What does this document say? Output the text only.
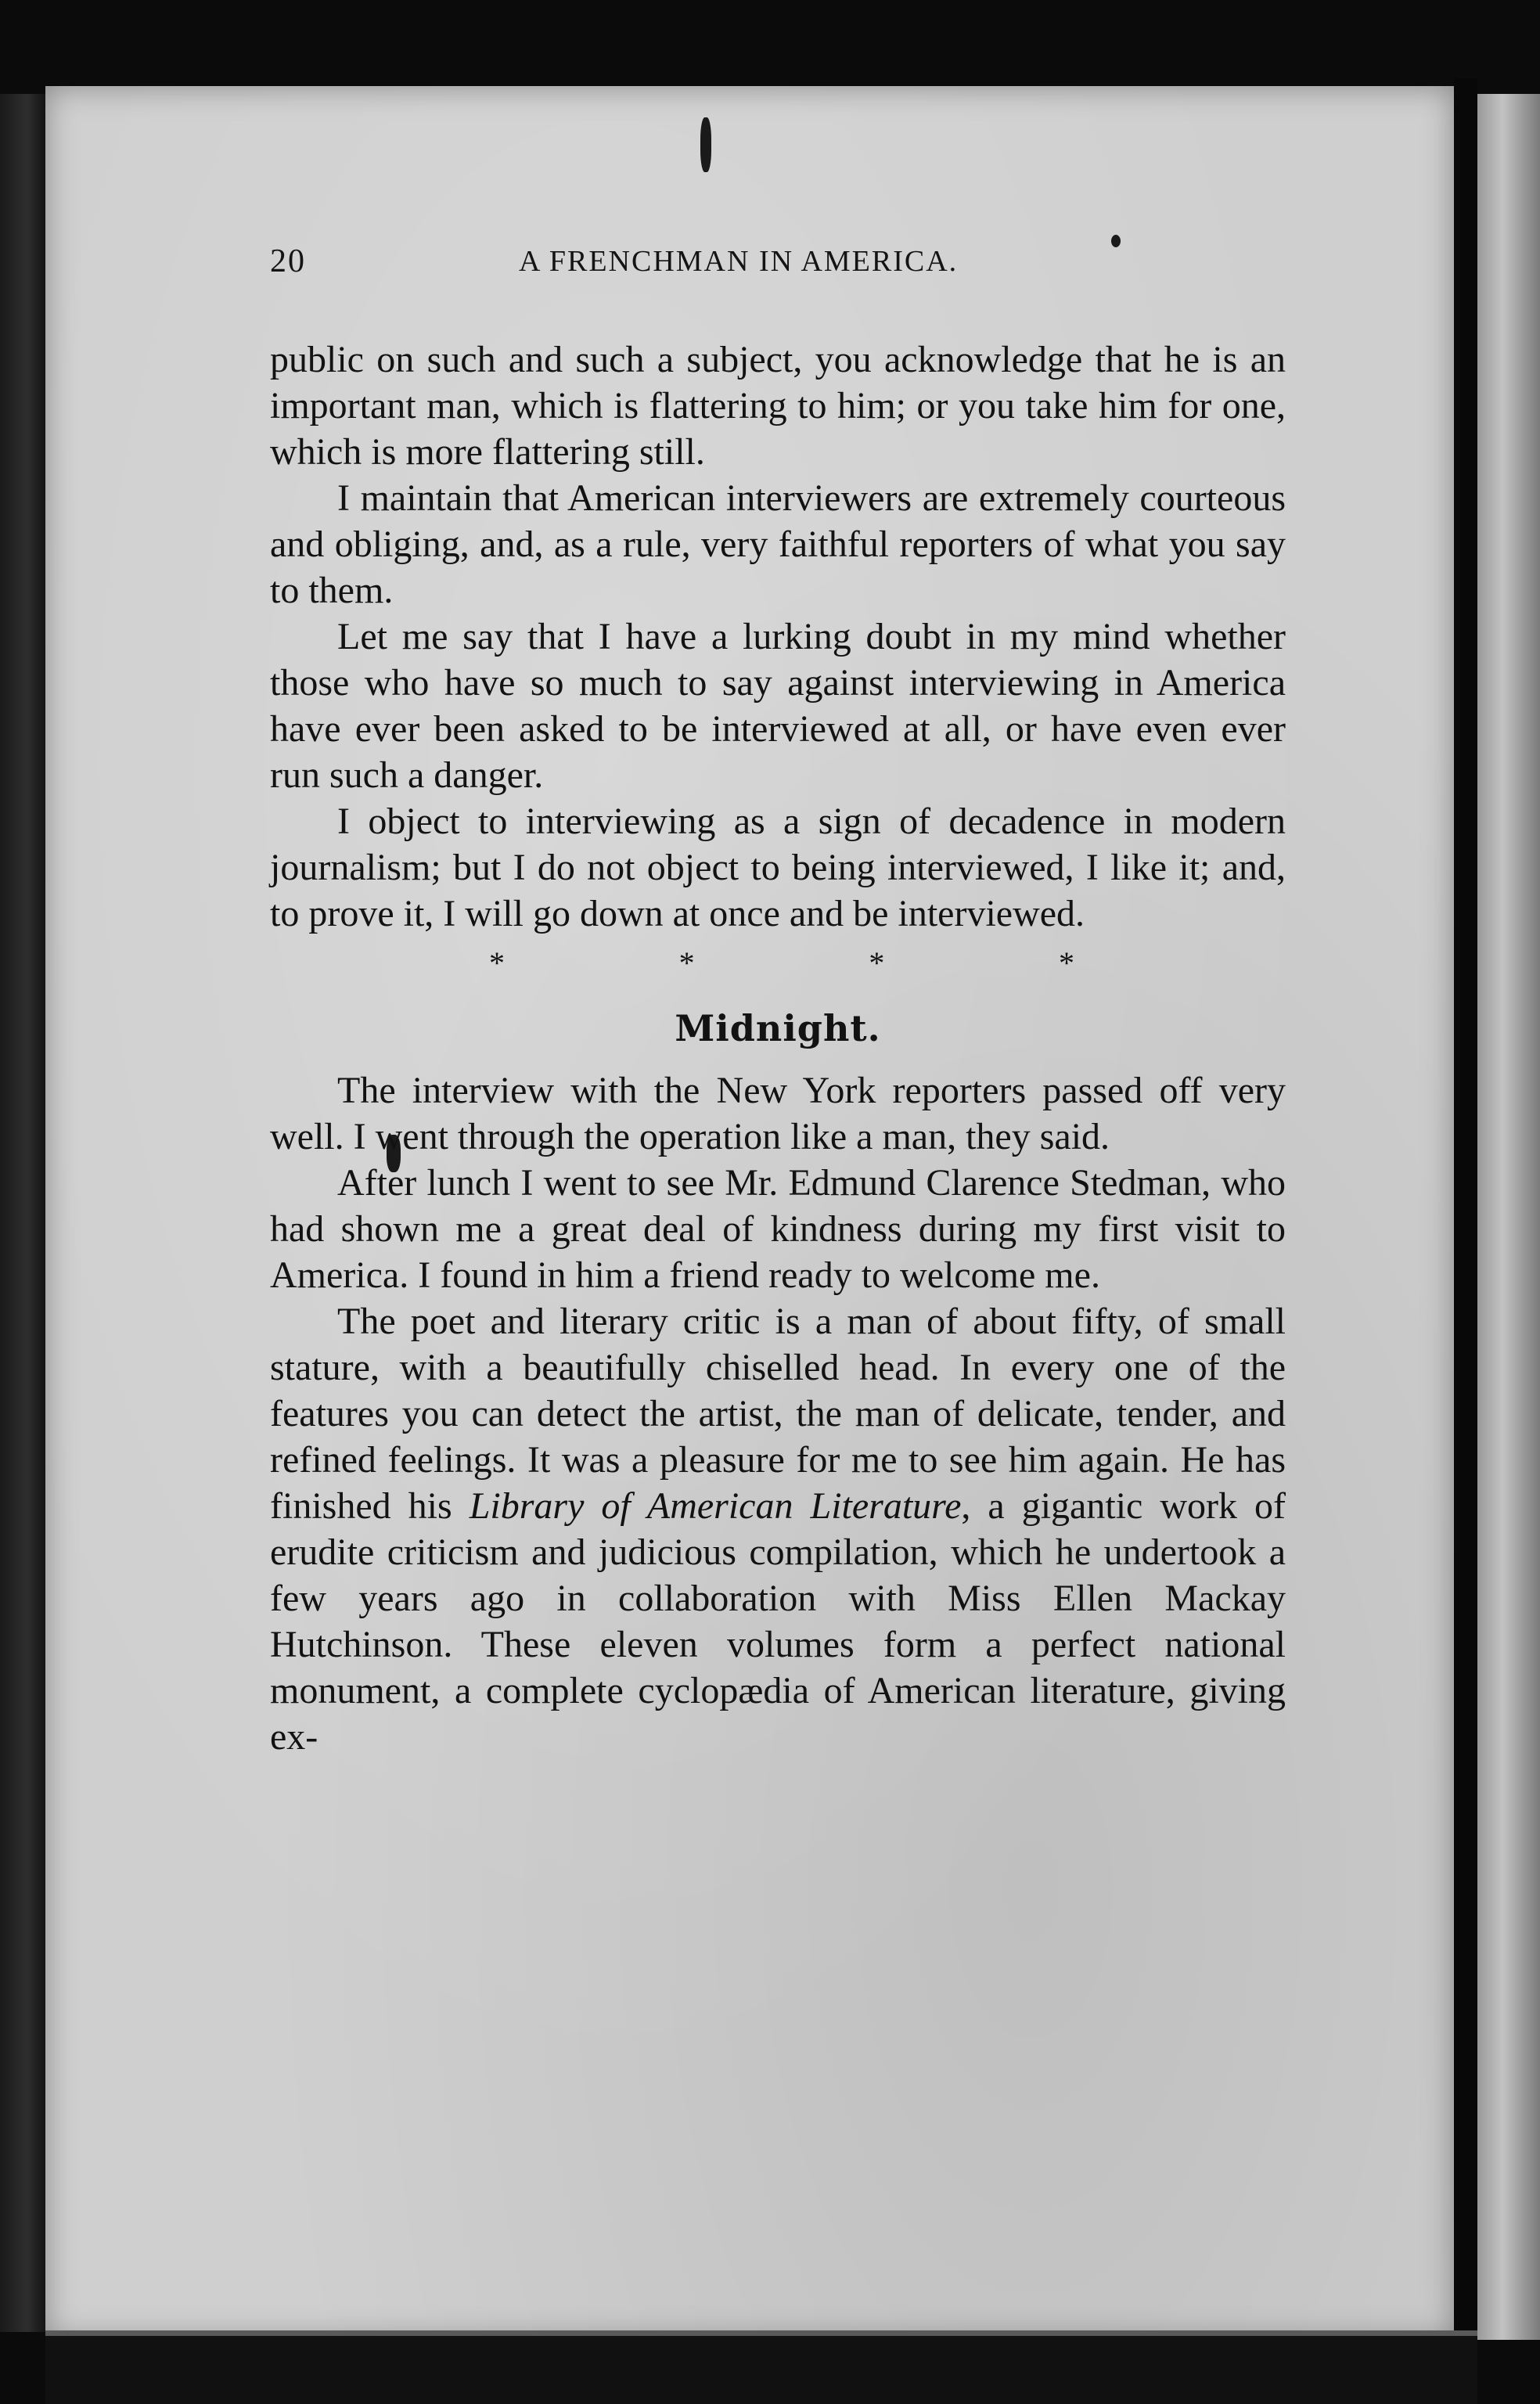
20	A FRENCHMAN IN AMERICA.

public on such and such a subject, you acknowledge that he is an important man, which is flattering to him; or you take him for one, which is more flattering still.

I maintain that American interviewers are extremely courteous and obliging, and, as a rule, very faithful reporters of what you say to them.

Let me say that I have a lurking doubt in my mind whether those who have so much to say against interviewing in America have ever been asked to be interviewed at all, or have even ever run such a danger.

I object to interviewing as a sign of decadence in modern journalism; but I do not object to being interviewed, I like it; and, to prove it, I will go down at once and be interviewed.

*	*	*	*
Midnight.

The interview with the New York reporters passed off very well. I went through the operation like a man, they said.

After lunch I went to see Mr. Edmund Clarence Stedman, who had shown me a great deal of kindness during my first visit to America. I found in him a friend ready to welcome me.

The poet and literary critic is a man of about fifty, of small stature, with a beautifully chiselled head. In every one of the features you can detect the artist, the man of delicate, tender, and refined feelings. It was a pleasure for me to see him again. He has finished his Library of American Literature, a gigantic work of erudite criticism and judicious compilation, which he undertook a few years ago in collaboration with Miss Ellen Mackay Hutchinson. These eleven volumes form a perfect national monument, a complete cyclopædia of American literature, giving ex-
